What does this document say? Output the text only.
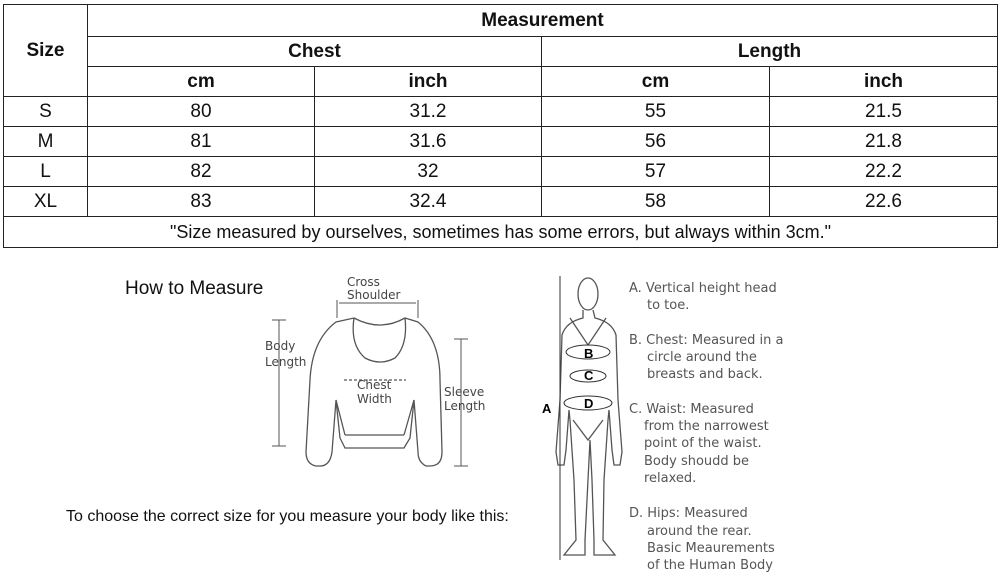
Size	Measurement			
	Chest		Length	
	cm	inch	cm	inch
S	80	31.2	55	21.5
M	81	31.6	56	21.8
L	82	32	57	22.2
XL	83	32.4	58	22.6
"Size measured by ourselves, sometimes has some errors, but always within 3cm."				
How to Measure
To choose the correct size for you measure your body like this:
Cross
Shoulder
Body
Length
Chest
Width	Sleeve
Length
B
C
D
A
A. Vertical height head
to toe.
B. Chest: Measured in a
circle around the
breasts and back.
C. Waist: Measured
from the narrowest
point of the waist.
Body shoudd be
relaxed.
D. Hips: Measured
around the rear.
Basic Meaurements
of the Human Body
